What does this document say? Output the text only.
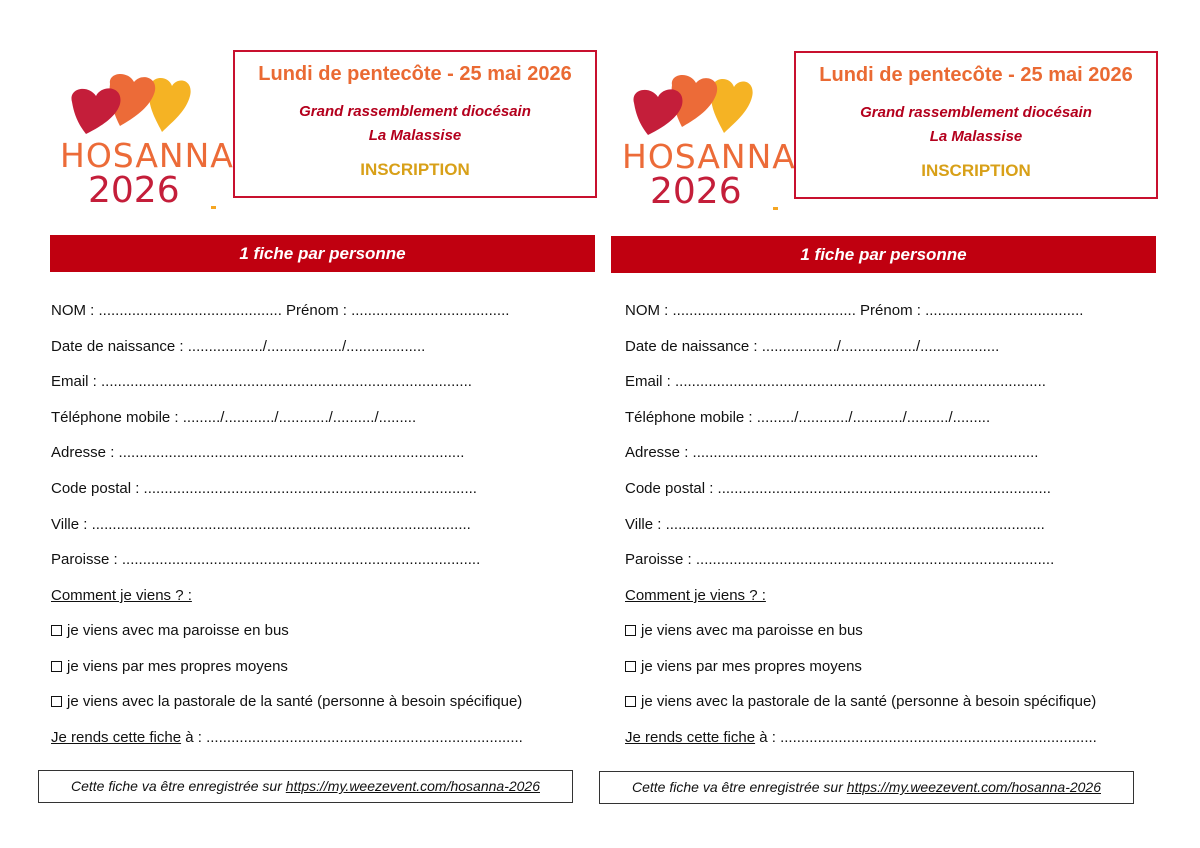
HOSANNA
2026
Lundi de pentecôte - 25 mai 2026
Grand rassemblement diocésain
La Malassise
INSCRIPTION
1 fiche par personne
NOM : ............................................ Prénom : ......................................
Date de naissance : ................../................../...................
Email : .........................................................................................
Téléphone mobile : ........./............/............/........../.........
Adresse : ...................................................................................
Code postal : ................................................................................
Ville : ...........................................................................................
Paroisse : ......................................................................................
Comment je viens ? :
je viens avec ma paroisse en bus
je viens par mes propres moyens
je viens avec la pastorale de la santé (personne à besoin spécifique)
Je rends cette fiche à : ............................................................................
Cette fiche va être enregistrée sur https://my.weezevent.com/hosanna-2026
HOSANNA
2026
Lundi de pentecôte - 25 mai 2026
Grand rassemblement diocésain
La Malassise
INSCRIPTION
1 fiche par personne
NOM : ............................................ Prénom : ......................................
Date de naissance : ................../................../...................
Email : .........................................................................................
Téléphone mobile : ........./............/............/........../.........
Adresse : ...................................................................................
Code postal : ................................................................................
Ville : ...........................................................................................
Paroisse : ......................................................................................
Comment je viens ? :
je viens avec ma paroisse en bus
je viens par mes propres moyens
je viens avec la pastorale de la santé (personne à besoin spécifique)
Je rends cette fiche à : ............................................................................
Cette fiche va être enregistrée sur https://my.weezevent.com/hosanna-2026
